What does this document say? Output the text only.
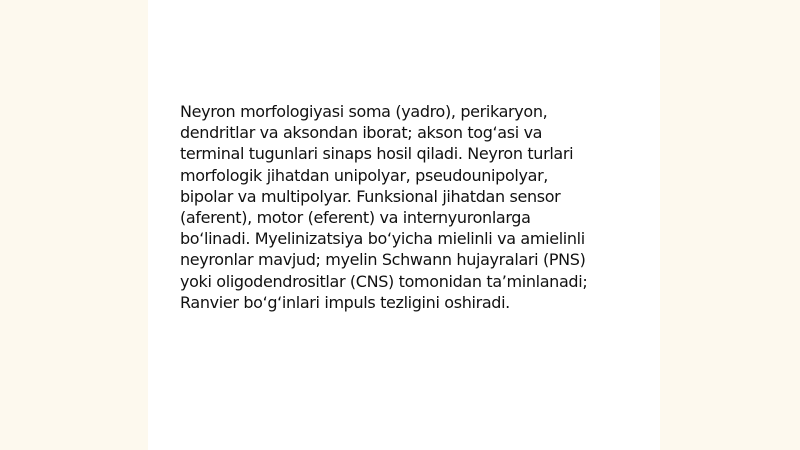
Neyron morfologiyasi soma (yadro), perikaryon,
dendritlar va aksondan iborat; akson tog‘asi va
terminal tugunlari sinaps hosil qiladi. Neyron turlari
morfologik jihatdan unipolyar, pseudounipolyar,
bipolar va multipolyar. Funksional jihatdan sensor
(aferent), motor (eferent) va internyuronlarga
bo‘linadi. Myelinizatsiya bo‘yicha mielinli va amielinli
neyronlar mavjud; myelin Schwann hujayralari (PNS)
yoki oligodendrositlar (CNS) tomonidan ta’minlanadi;
Ranvier bo‘g‘inlari impuls tezligini oshiradi.
